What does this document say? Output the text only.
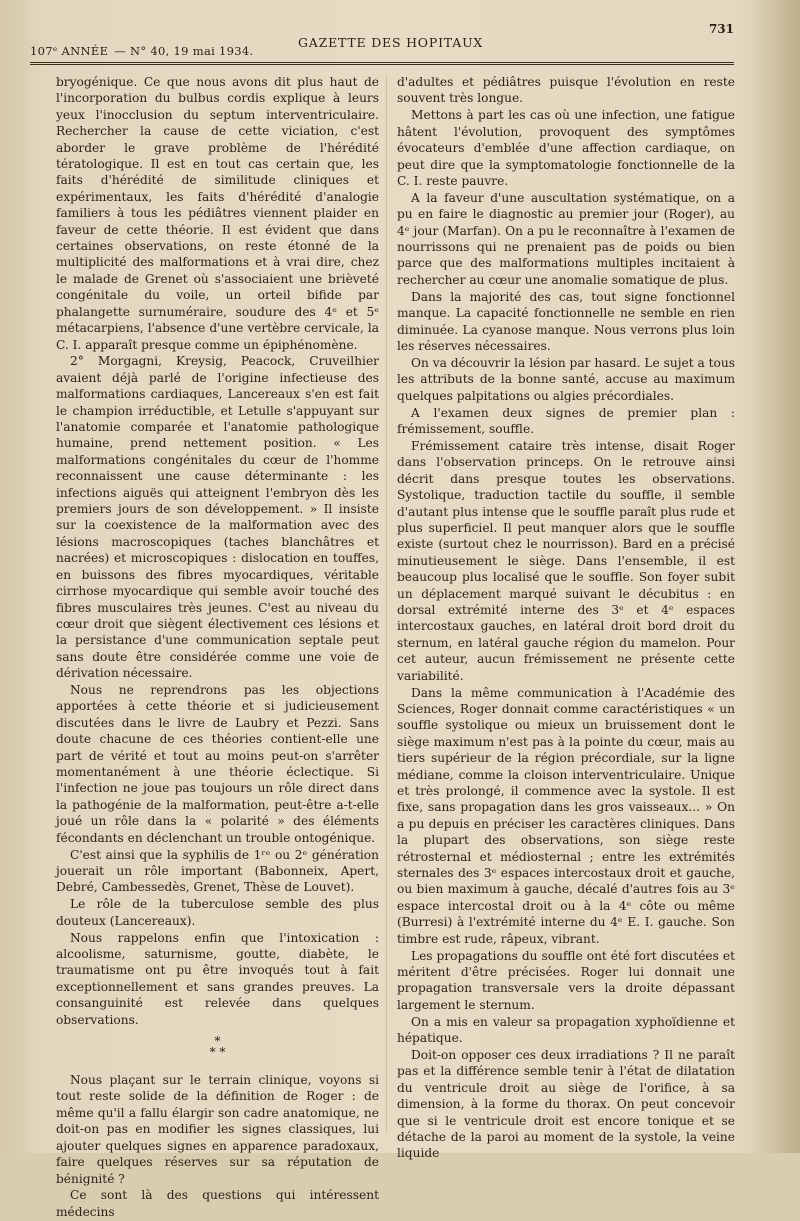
107ᵉ ANNÉE — N° 40, 19 mai 1934.
GAZETTE DES HOPITAUX
731

bryogénique. Ce que nous avons dit plus haut de l'incorporation du bulbus cordis explique à leurs yeux l'inocclusion du septum interventriculaire. Rechercher la cause de cette viciation, c'est aborder le grave problème de l'hérédité tératologique. Il est en tout cas certain que, les faits d'hérédité de similitude cliniques et expérimentaux, les faits d'hérédité d'analogie familiers à tous les pédiâtres viennent plaider en faveur de cette théorie. Il est évident que dans certaines observations, on reste étonné de la multiplicité des malformations et à vrai dire, chez le malade de Grenet où s'associaient une brièveté congénitale du voile, un orteil bifide par phalangette surnuméraire, soudure des 4ᵉ et 5ᵉ métacarpiens, l'absence d'une vertèbre cervicale, la C. I. apparaît presque comme un épiphénomène.

2° Morgagni, Kreysig, Peacock, Cruveilhier avaient déjà parlé de l'origine infectieuse des malformations cardiaques, Lancereaux s'en est fait le champion irréductible, et Letulle s'appuyant sur l'anatomie comparée et l'anatomie pathologique humaine, prend nettement position. « Les malformations congénitales du cœur de l'homme reconnaissent une cause déterminante : les infections aiguës qui atteignent l'embryon dès les premiers jours de son développement. » Il insiste sur la coexistence de la malformation avec des lésions macroscopiques (taches blanchâtres et nacrées) et microscopiques : dislocation en touffes, en buissons des fibres myocardiques, véritable cirrhose myocardique qui semble avoir touché des fibres musculaires très jeunes. C'est au niveau du cœur droit que siègent électivement ces lésions et la persistance d'une communication septale peut sans doute être considérée comme une voie de dérivation nécessaire.

Nous ne reprendrons pas les objections apportées à cette théorie et si judicieusement discutées dans le livre de Laubry et Pezzi. Sans doute chacune de ces théories contient-elle une part de vérité et tout au moins peut-on s'arrêter momentanément à une théorie éclectique. Si l'infection ne joue pas toujours un rôle direct dans la pathogénie de la malformation, peut-être a-t-elle joué un rôle dans la « polarité » des éléments fécondants en déclenchant un trouble ontogénique.

C'est ainsi que la syphilis de 1ʳᵉ ou 2ᵉ génération jouerait un rôle important (Babonneix, Apert, Debré, Cambessedès, Grenet, Thèse de Louvet).

Le rôle de la tuberculose semble des plus douteux (Lancereaux).

Nous rappelons enfin que l'intoxication : alcoolisme, saturnisme, goutte, diabète, le traumatisme ont pu être invoqués tout à fait exceptionnellement et sans grandes preuves. La consanguinité est relevée dans quelques observations.

*
* *

Nous plaçant sur le terrain clinique, voyons si tout reste solide de la définition de Roger : de même qu'il a fallu élargir son cadre anatomique, ne doit-on pas en modifier les signes classiques, lui ajouter quelques signes en apparence paradoxaux, faire quelques réserves sur sa réputation de bénignité ?

Ce sont là des questions qui intéressent médecins

d'adultes et pédiâtres puisque l'évolution en reste souvent très longue.

Mettons à part les cas où une infection, une fatigue hâtent l'évolution, provoquent des symptômes évocateurs d'emblée d'une affection cardiaque, on peut dire que la symptomatologie fonctionnelle de la C. I. reste pauvre.

A la faveur d'une auscultation systématique, on a pu en faire le diagnostic au premier jour (Roger), au 4ᵉ jour (Marfan). On a pu le reconnaître à l'examen de nourrissons qui ne prenaient pas de poids ou bien parce que des malformations multiples incitaient à rechercher au cœur une anomalie somatique de plus.

Dans la majorité des cas, tout signe fonctionnel manque. La capacité fonctionnelle ne semble en rien diminuée. La cyanose manque. Nous verrons plus loin les réserves nécessaires.

On va découvrir la lésion par hasard. Le sujet a tous les attributs de la bonne santé, accuse au maximum quelques palpitations ou algies précordiales.

A l'examen deux signes de premier plan : frémissement, souffle.

Frémissement cataire très intense, disait Roger dans l'observation princeps. On le retrouve ainsi décrit dans presque toutes les observations. Systolique, traduction tactile du souffle, il semble d'autant plus intense que le souffle paraît plus rude et plus superficiel. Il peut manquer alors que le souffle existe (surtout chez le nourrisson). Bard en a précisé minutieusement le siège. Dans l'ensemble, il est beaucoup plus localisé que le souffle. Son foyer subit un déplacement marqué suivant le décubitus : en dorsal extrémité interne des 3ᵉ et 4ᵉ espaces intercostaux gauches, en latéral droit bord droit du sternum, en latéral gauche région du mamelon. Pour cet auteur, aucun frémissement ne présente cette variabilité.

Dans la même communication à l'Académie des Sciences, Roger donnait comme caractéristiques « un souffle systolique ou mieux un bruissement dont le siège maximum n'est pas à la pointe du cœur, mais au tiers supérieur de la région précordiale, sur la ligne médiane, comme la cloison interventriculaire. Unique et très prolongé, il commence avec la systole. Il est fixe, sans propagation dans les gros vaisseaux... » On a pu depuis en préciser les caractères cliniques. Dans la plupart des observations, son siège reste rétrosternal et médiosternal ; entre les extrémités sternales des 3ᵉ espaces intercostaux droit et gauche, ou bien maximum à gauche, décalé d'autres fois au 3ᵉ espace intercostal droit ou à la 4ᵉ côte ou même (Burresi) à l'extrémité interne du 4ᵉ E. I. gauche. Son timbre est rude, râpeux, vibrant.

Les propagations du souffle ont été fort discutées et méritent d'être précisées. Roger lui donnait une propagation transversale vers la droite dépassant largement le sternum.

On a mis en valeur sa propagation xyphoïdienne et hépatique.

Doit-on opposer ces deux irradiations ? Il ne paraît pas et la différence semble tenir à l'état de dilatation du ventricule droit au siège de l'orifice, à sa dimension, à la forme du thorax. On peut concevoir que si le ventricule droit est encore tonique et se détache de la paroi au moment de la systole, la veine liquide
